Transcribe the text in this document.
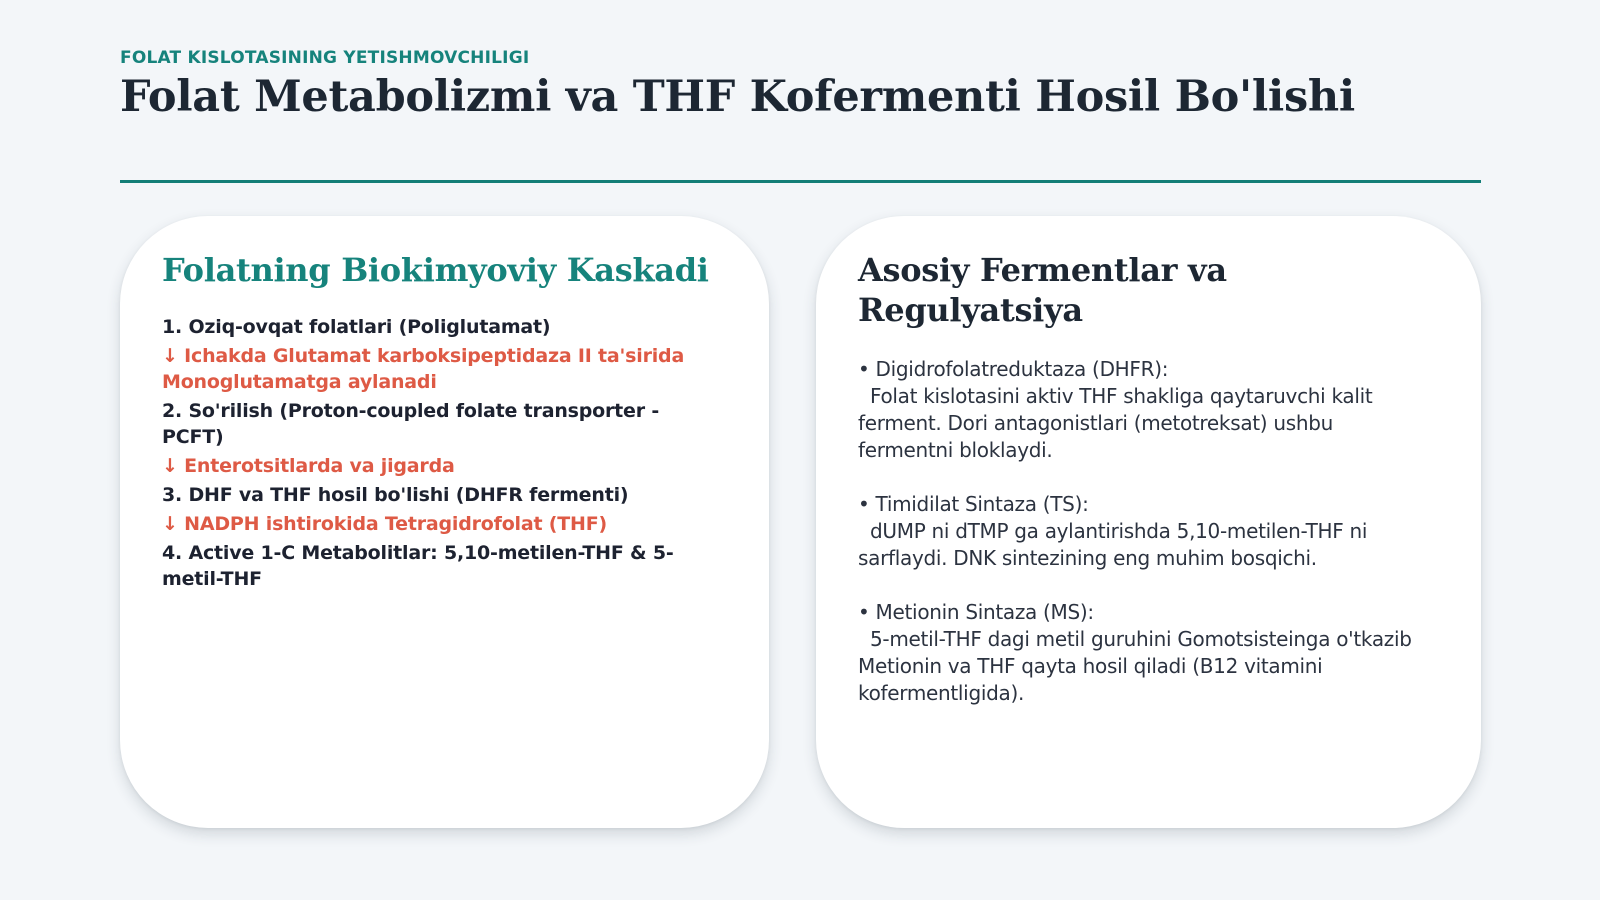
FOLAT KISLOTASINING YETISHMOVCHILIGI
Folat Metabolizmi va THF Kofermenti Hosil Bo'lishi
Folatning Biokimyoviy Kaskadi
1. Oziq-ovqat folatlari (Poliglutamat)
↓ Ichakda Glutamat karboksipeptidaza II ta'sirida Monoglutamatga aylanadi
2. So'rilish (Proton-coupled folate transporter - PCFT)
↓ Enterotsitlarda va jigarda
3. DHF va THF hosil bo'lishi (DHFR fermenti)
↓ NADPH ishtirokida Tetragidrofolat (THF)
4. Active 1-C Metabolitlar: 5,10-metilen-THF & 5-metil-THF
Asosiy Fermentlar va Regulyatsiya
• Digidrofolatreduktaza (DHFR):
Folat kislotasini aktiv THF shakliga qaytaruvchi kalit ferment. Dori antagonistlari (metotreksat) ushbu fermentni bloklaydi.
• Timidilat Sintaza (TS):
dUMP ni dTMP ga aylantirishda 5,10-metilen-THF ni sarflaydi. DNK sintezining eng muhim bosqichi.
• Metionin Sintaza (MS):
5-metil-THF dagi metil guruhini Gomotsisteinga o'tkazib Metionin va THF qayta hosil qiladi (B12 vitamini kofermentligida).
